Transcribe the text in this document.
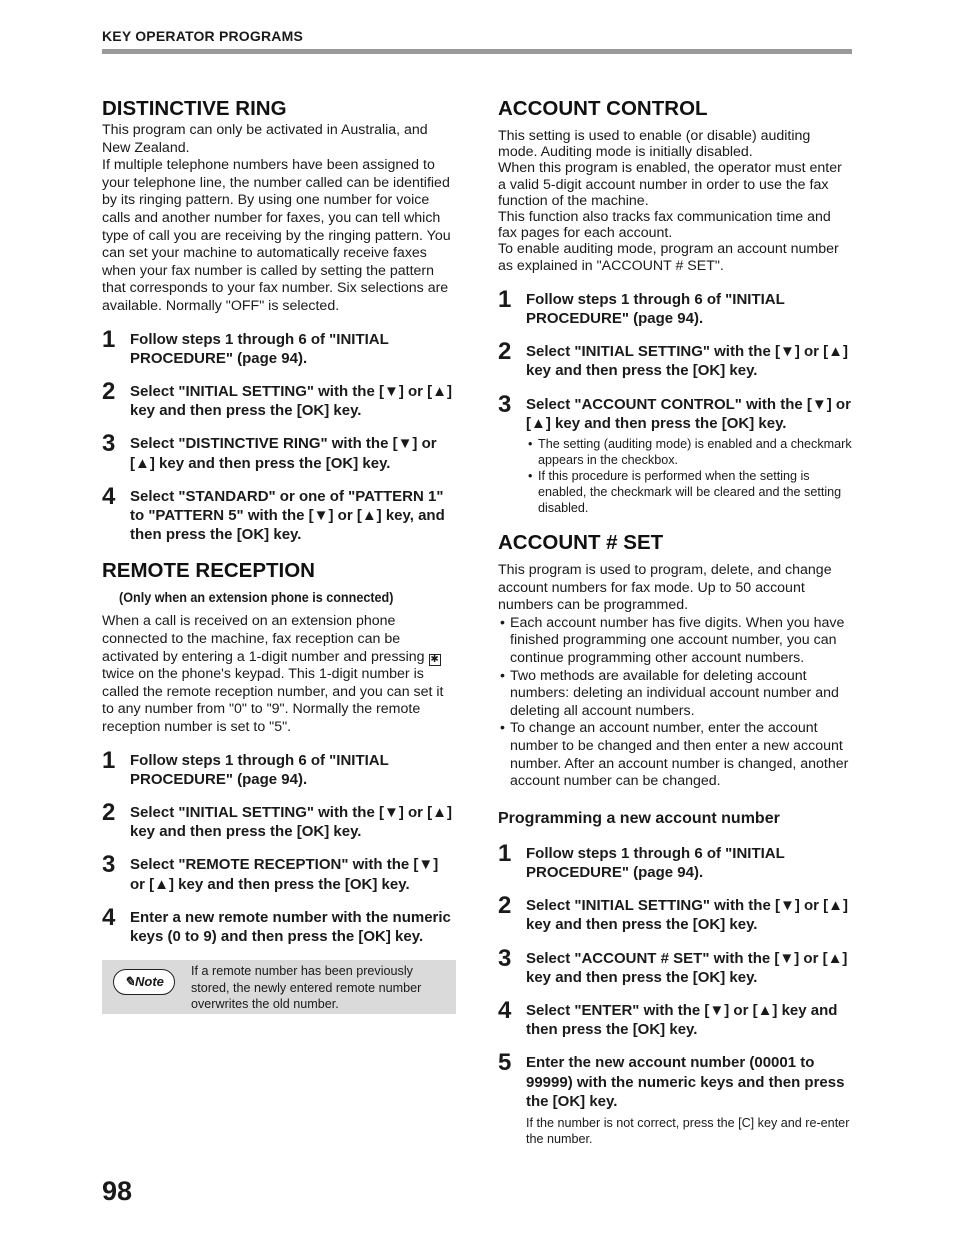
KEY OPERATOR PROGRAMS
DISTINCTIVE RING

This program can only be activated in Australia, and New Zealand.

If multiple telephone numbers have been assigned to your telephone line, the number called can be identified by its ringing pattern. By using one number for voice calls and another number for faxes, you can tell which type of call you are receiving by the ringing pattern. You can set your machine to automatically receive faxes when your fax number is called by setting the pattern that corresponds to your fax number. Six selections are available. Normally "OFF" is selected.

1 Follow steps 1 through 6 of "INITIAL PROCEDURE" (page 94).
2 Select "INITIAL SETTING" with the [▼] or [▲] key and then press the [OK] key.
3 Select "DISTINCTIVE RING" with the [▼] or [▲] key and then press the [OK] key.
4 Select "STANDARD" or one of "PATTERN 1" to "PATTERN 5" with the [▼] or [▲] key, and then press the [OK] key.
REMOTE RECEPTION
(Only when an extension phone is connected)

When a call is received on an extension phone connected to the machine, fax reception can be activated by entering a 1-digit number and pressing ✱ twice on the phone's keypad. This 1-digit number is called the remote reception number, and you can set it to any number from "0" to "9". Normally the remote reception number is set to "5".

1 Follow steps 1 through 6 of "INITIAL PROCEDURE" (page 94).
2 Select "INITIAL SETTING" with the [▼] or [▲] key and then press the [OK] key.
3 Select "REMOTE RECEPTION" with the [▼] or [▲] key and then press the [OK] key.
4 Enter a new remote number with the numeric keys (0 to 9) and then press the [OK] key.
✎Note
If a remote number has been previously stored, the newly entered remote number overwrites the old number.
ACCOUNT CONTROL

This setting is used to enable (or disable) auditing mode. Auditing mode is initially disabled.

When this program is enabled, the operator must enter a valid 5-digit account number in order to use the fax function of the machine.

This function also tracks fax communication time and fax pages for each account.

To enable auditing mode, program an account number as explained in "ACCOUNT # SET".

1 Follow steps 1 through 6 of "INITIAL PROCEDURE" (page 94).
2 Select "INITIAL SETTING" with the [▼] or [▲] key and then press the [OK] key.
3 Select "ACCOUNT CONTROL" with the [▼] or [▲] key and then press the [OK] key.
• The setting (auditing mode) is enabled and a checkmark appears in the checkbox.
• If this procedure is performed when the setting is enabled, the checkmark will be cleared and the setting disabled.
ACCOUNT # SET

This program is used to program, delete, and change account numbers for fax mode. Up to 50 account numbers can be programmed.

• Each account number has five digits. When you have finished programming one account number, you can continue programming other account numbers.
• Two methods are available for deleting account numbers: deleting an individual account number and deleting all account numbers.
• To change an account number, enter the account number to be changed and then enter a new account number. After an account number is changed, another account number can be changed.
Programming a new account number
1 Follow steps 1 through 6 of "INITIAL PROCEDURE" (page 94).
2 Select "INITIAL SETTING" with the [▼] or [▲] key and then press the [OK] key.
3 Select "ACCOUNT # SET" with the [▼] or [▲] key and then press the [OK] key.
4 Select "ENTER" with the [▼] or [▲] key and then press the [OK] key.
5 Enter the new account number (00001 to 99999) with the numeric keys and then press the [OK] key.
If the number is not correct, press the [C] key and re-enter the number.
98
